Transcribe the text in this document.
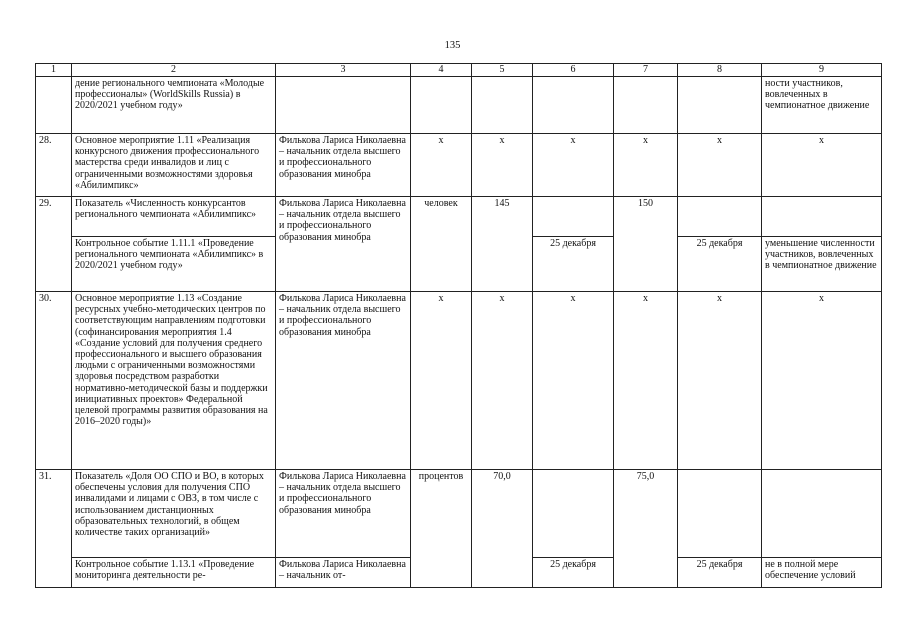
135
1	2	3	4	5	6	7	8	9
	дение регионального чемпионата «Молодые профессионалы» (WorldSkills Russia) в 2020/2021 учебном году»							ности участников, вовлеченных в чемпионатное движение
28.	Основное мероприятие 1.11 «Реализация конкурсного движения профессионального мастерства среди инвалидов и лиц с ограниченными возможностями здоровья «Абилимпикс»	Филькова Лариса Николаевна – начальник отдела высшего и профессионального образования минобра	х	х	х	х	х	х
29.	Показатель «Численность конкурсантов регионального чемпионата «Абилимпикс»	Филькова Лариса Николаевна – начальник отдела высшего и профессионального образования минобра	человек	145		150		
	Контрольное событие 1.11.1 «Проведение регионального чемпионата «Абилимпикс» в 2020/2021 учебном году»				25 декабря		25 декабря	уменьшение численности участников, вовлеченных в чемпионатное движение
30.	Основное мероприятие 1.13 «Создание ресурсных учебно-методических центров по соответствующим направлениям подготовки (софинансирования мероприятия 1.4 «Создание условий для получения среднего профессионального и высшего образования людьми с ограниченными возможностями здоровья посредством разработки нормативно-методической базы и поддержки инициативных проектов» Федеральной целевой программы развития образования на 2016–2020 годы)»	Филькова Лариса Николаевна – начальник отдела высшего и профессионального образования минобра	х	х	х	х	х	х
31.	Показатель «Доля ОО СПО и ВО, в которых обеспечены условия для получения СПО инвалидами и лицами с ОВЗ, в том числе с использованием дистанционных образовательных технологий, в общем количестве таких организаций»	Филькова Лариса Николаевна – начальник отдела высшего и профессионального образования минобра	процентов	70,0		75,0		
	Контрольное событие 1.13.1 «Проведение мониторинга деятельности ре-	Филькова Лариса Николаевна – начальник от-			25 декабря		25 декабря	не в полной мере обеспечение условий
